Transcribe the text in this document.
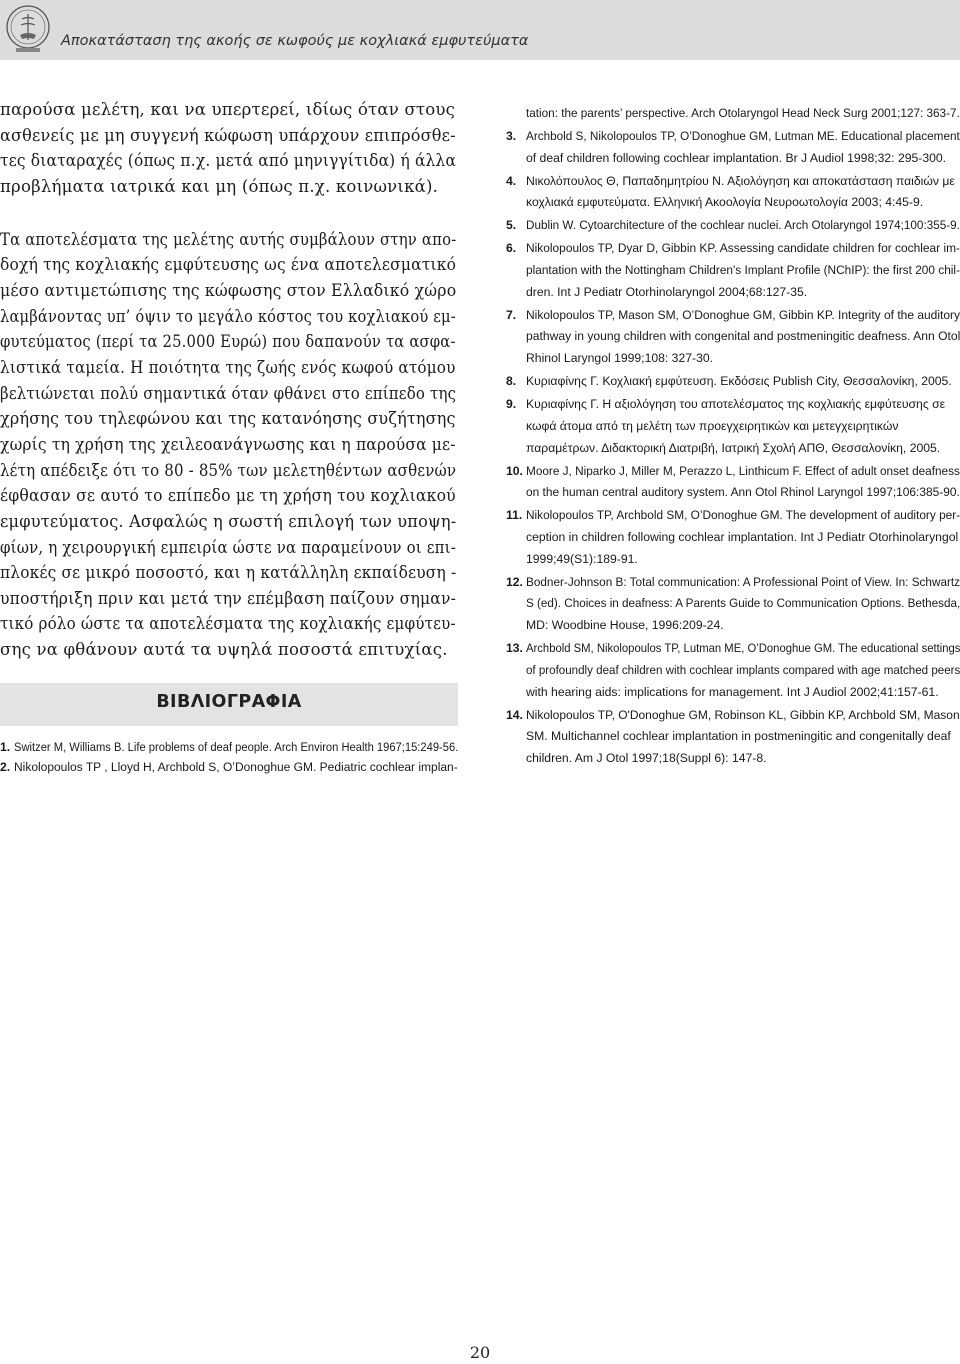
Αποκατάσταση της ακοής σε κωφούς με κοχλιακά εμφυτεύματα

παρούσα μελέτη, και να υπερτερεί, ιδίως όταν στους
ασθενείς με μη συγγενή κώφωση υπάρχουν επιπρόσθε-
τες διαταραχές (όπως π.χ. μετά από μηνιγγίτιδα) ή άλλα
προβλήματα ιατρικά και μη (όπως π.χ. κοινωνικά).

Τα αποτελέσματα της μελέτης αυτής συμβάλουν στην απο-
δοχή της κοχλιακής εμφύτευσης ως ένα αποτελεσματικό
μέσο αντιμετώπισης της κώφωσης στον Ελλαδικό χώρο
λαμβάνοντας υπ’ όψιν το μεγάλο κόστος του κοχλιακού εμ-
φυτεύματος (περί τα 25.000 Ευρώ) που δαπανούν τα ασφα-
λιστικά ταμεία. Η ποιότητα της ζωής ενός κωφού ατόμου
βελτιώνεται πολύ σημαντικά όταν φθάνει στο επίπεδο της
χρήσης του τηλεφώνου και της κατανόησης συζήτησης
χωρίς τη χρήση της χειλεοανάγνωσης και η παρούσα με-
λέτη απέδειξε ότι το 80 - 85% των μελετηθέντων ασθενών
έφθασαν σε αυτό το επίπεδο με τη χρήση του κοχλιακού
εμφυτεύματος. Ασφαλώς η σωστή επιλογή των υποψη-
φίων, η χειρουργική εμπειρία ώστε να παραμείνουν οι επι-
πλοκές σε μικρό ποσοστό, και η κατάλληλη εκπαίδευση -
υποστήριξη πριν και μετά την επέμβαση παίζουν σημαν-
τικό ρόλο ώστε τα αποτελέσματα της κοχλιακής εμφύτευ-
σης να φθάνουν αυτά τα υψηλά ποσοστά επιτυχίας.

ΒΙΒΛΙΟΓΡΑΦΙΑ
1. Switzer M, Williams B. Life problems of deaf people. Arch Environ Health 1967;15:249-56.
2. Nikolopoulos TP , Lloyd H, Archbold S, O’Donoghue GM. Pediatric cochlear implan-
tation: the parents’ perspective. Arch Otolaryngol Head Neck Surg 2001;127: 363-7.
3. Archbold S, Nikolopoulos TP, O’Donoghue GM, Lutman ME. Educational placement
of deaf children following cochlear implantation. Br J Audiol 1998;32: 295-300.
4. Νικολόπουλος Θ, Παπαδημητρίου Ν. Αξιολόγηση και αποκατάσταση παιδιών με
κοχλιακά εμφυτεύματα. Ελληνική Ακοολογία Νευροωτολογία 2003; 4:45-9.
5. Dublin W. Cytoarchitecture of the cochlear nuclei. Arch Otolaryngol 1974;100:355-9.
6. Nikolopoulos TP, Dyar D, Gibbin KP. Assessing candidate children for cochlear im-
plantation with the Nottingham Children's Implant Profile (NChIP): the first 200 chil-
dren. Int J Pediatr Otorhinolaryngol 2004;68:127-35.
7. Nikolopoulos TP, Mason SM, O’Donoghue GM, Gibbin KP. Integrity of the auditory
pathway in young children with congenital and postmeningitic deafness. Ann Otol
Rhinol Laryngol 1999;108: 327-30.
8. Κυριαφίνης Γ. Κοχλιακή εμφύτευση. Εκδόσεις Publish City, Θεσσαλονίκη, 2005.
9. Κυριαφίνης Γ. Η αξιολόγηση του αποτελέσματος της κοχλιακής εμφύτευσης σε
κωφά άτομα από τη μελέτη των προεγχειρητικών και μετεγχειρητικών
παραμέτρων. Διδακτορική Διατριβή, Ιατρική Σχολή ΑΠΘ, Θεσσαλονίκη, 2005.
10. Moore J, Niparko J, Miller M, Perazzo L, Linthicum F. Effect of adult onset deafness
on the human central auditory system. Ann Otol Rhinol Laryngol 1997;106:385-90.
11. Nikolopoulos TP, Archbold SM, O’Donoghue GM. The development of auditory per-
ception in children following cochlear implantation. Int J Pediatr Otorhinolaryngol
1999;49(S1):189-91.
12. Bodner-Johnson B: Total communication: A Professional Point of View. In: Schwartz
S (ed). Choices in deafness: A Parents Guide to Communication Options. Bethesda,
MD: Woodbine House, 1996:209-24.
13. Archbold SM, Nikolopoulos TP, Lutman ME, O’Donoghue GM. The educational settings
of profoundly deaf children with cochlear implants compared with age matched peers
with hearing aids: implications for management. Int J Audiol 2002;41:157-61.
14. Nikolopoulos TP, O'Donoghue GM, Robinson KL, Gibbin KP, Archbold SM, Mason
SM. Multichannel cochlear implantation in postmeningitic and congenitally deaf
children. Am J Otol 1997;18(Suppl 6): 147-8.
20
